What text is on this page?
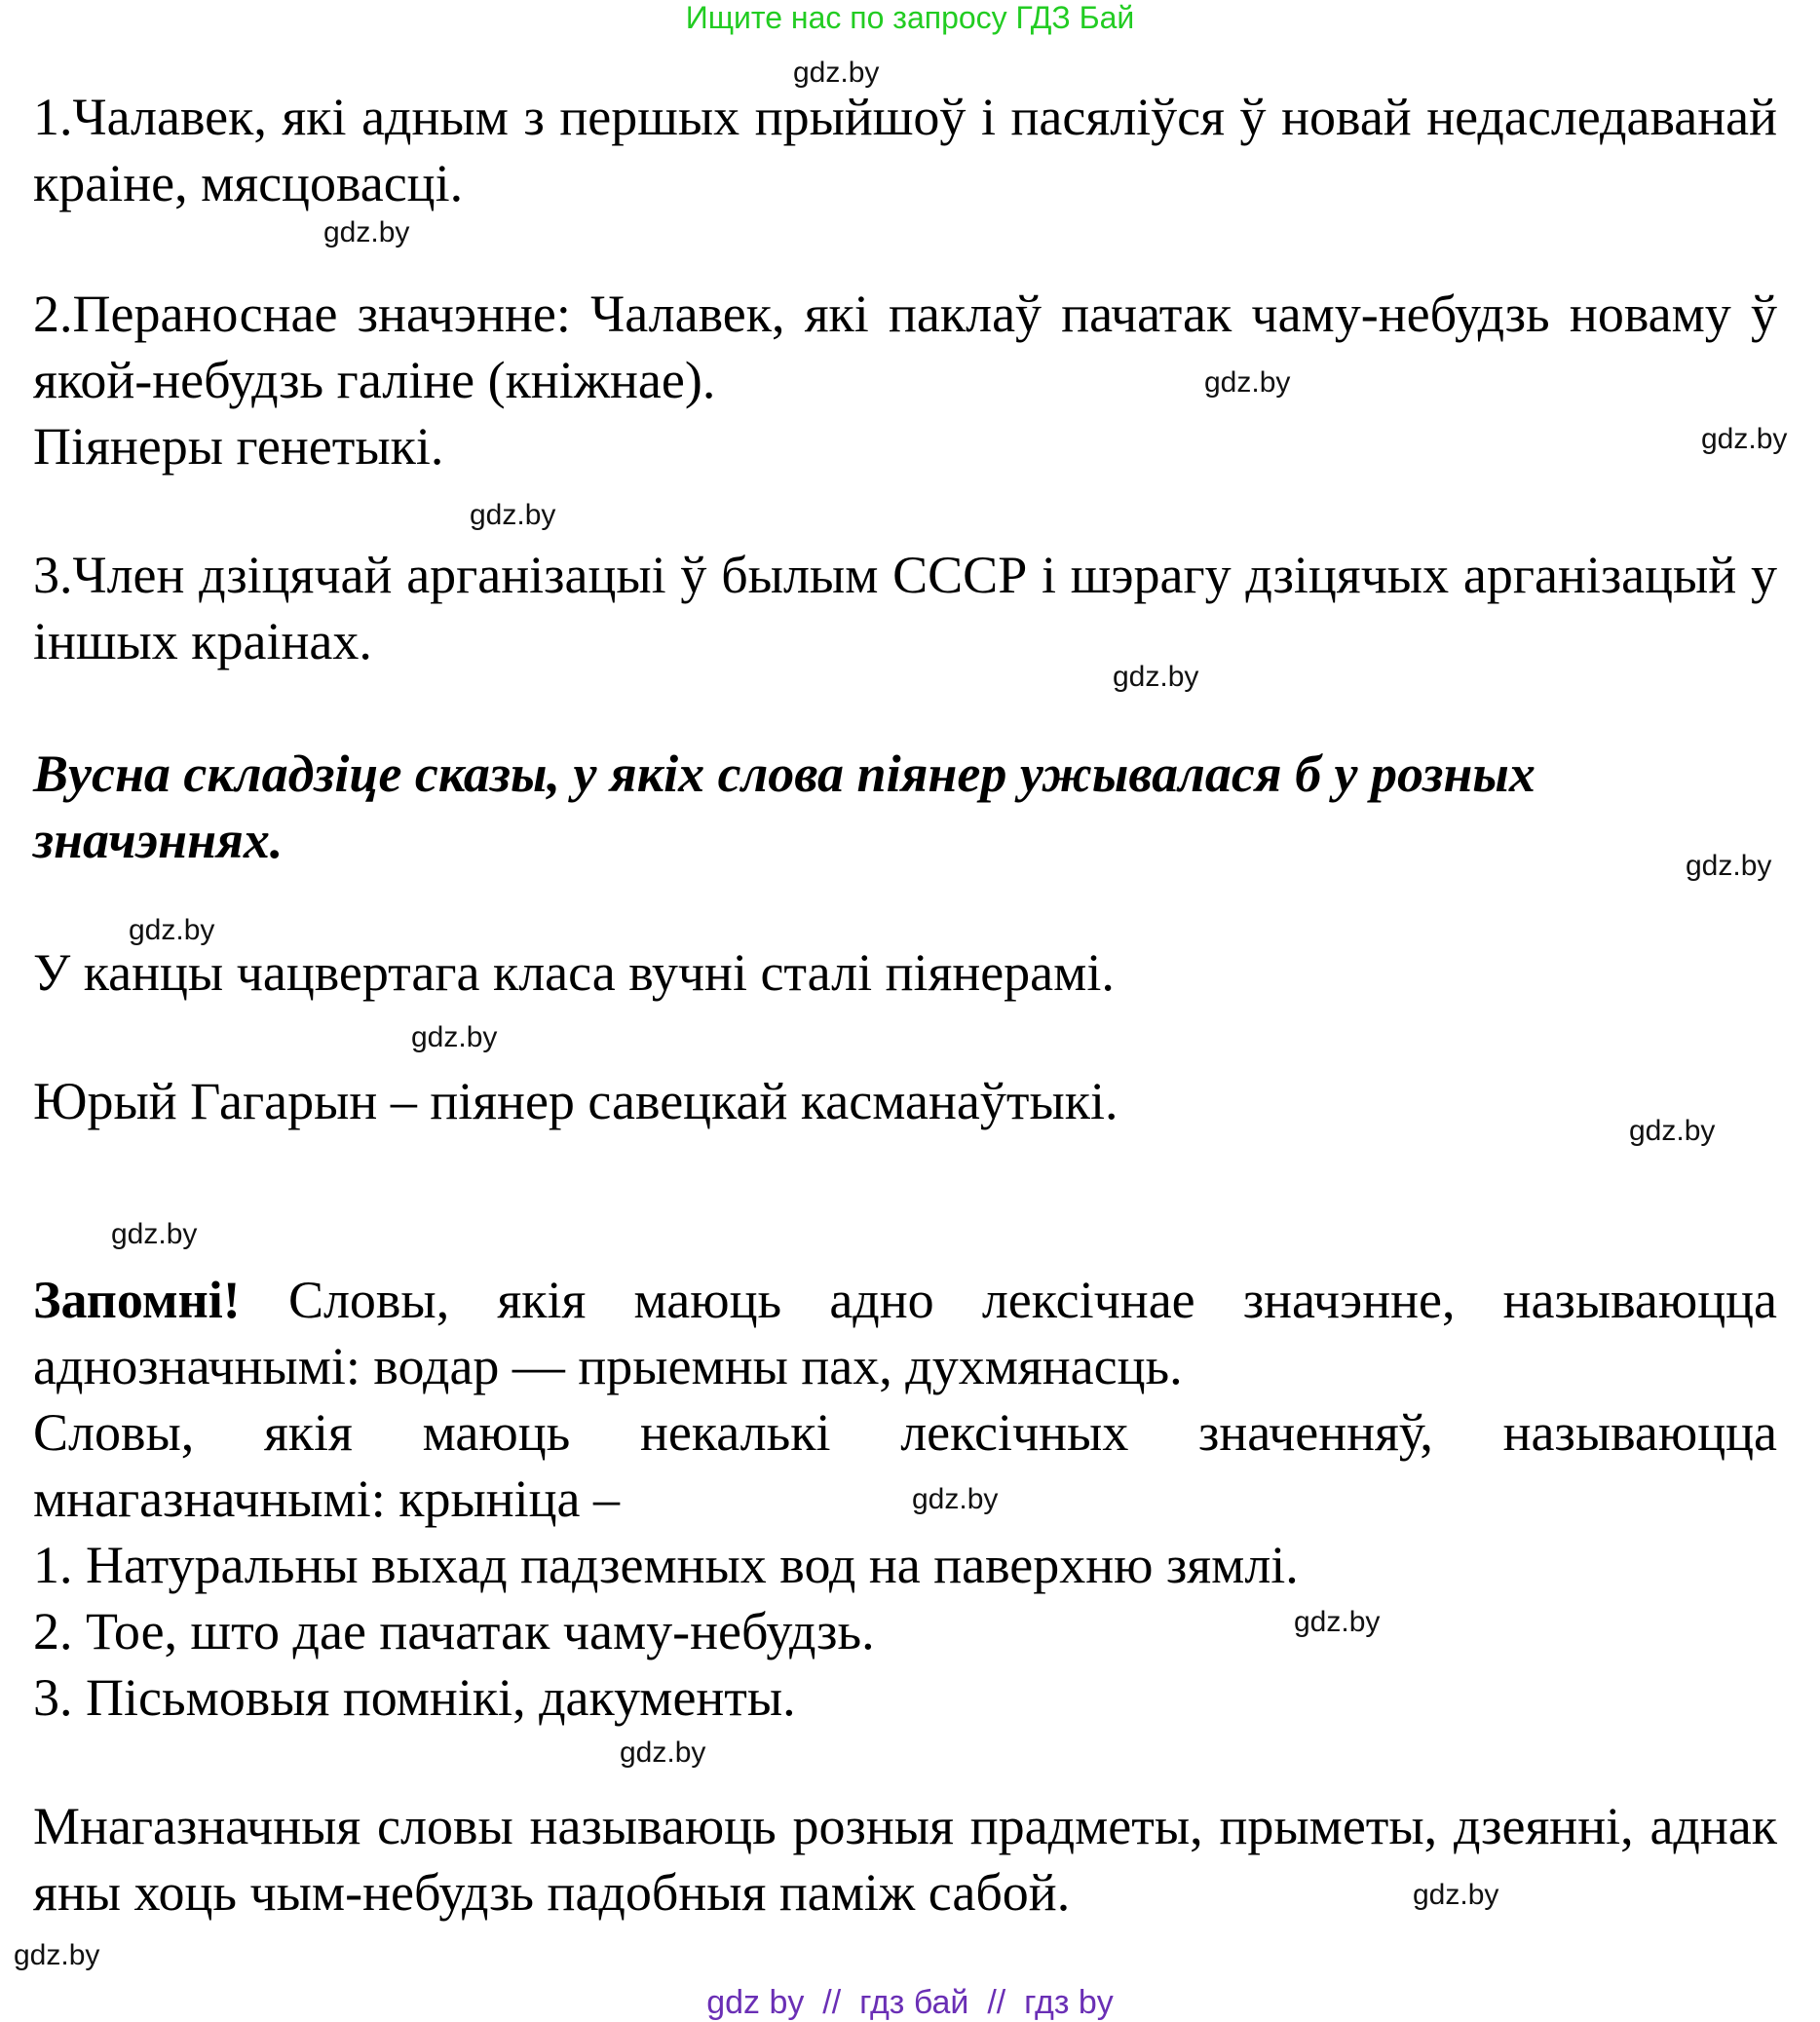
Ищите нас по запросу ГДЗ Бай
gdz.by
gdz.by
gdz.by
gdz.by
gdz.by
gdz.by
gdz.by
gdz.by
gdz.by
gdz.by
gdz.by
gdz.by
gdz.by
gdz.by
gdz.by
gdz.by
1.Чалавек, які адным з першых прыйшоў і пасяліўся ў новай недаследаванай краіне, мясцовасці.
2.Пераноснае значэнне: Чалавек, які паклаў пачатак чаму-небудзь новаму ў якой-небудзь галіне (кніжнае).
Піянеры генетыкі.
3.Член дзіцячай арганізацыі ў былым СССР і шэрагу дзіцячых арганізацый у іншых краінах.
Вусна складзіце сказы, у якіх слова піянер ужывалася б у розных значэннях.
У канцы чацвертага класа вучні сталі піянерамі.
Юрый Гагарын – піянер савецкай касманаўтыкі.
Запомні! Словы, якія маюць адно лексічнае значэнне, называюцца аднозначнымі: водар — прыемны пах, духмянасць.
Словы, якія маюць некалькі лексічных значенняў, называюцца мнагазначнымі: крыніца –
1. Натуральны выхад падземных вод на паверхню зямлі.
2. Тое, што дае пачатак чаму-небудзь.
3. Пісьмовыя помнікі, дакументы.
Мнагазначныя словы называюць розныя прадметы, прыметы, дзеянні, аднак яны хоць чым-небудзь падобныя паміж сабой.
gdz by  //  гдз бай  //  гдз by
